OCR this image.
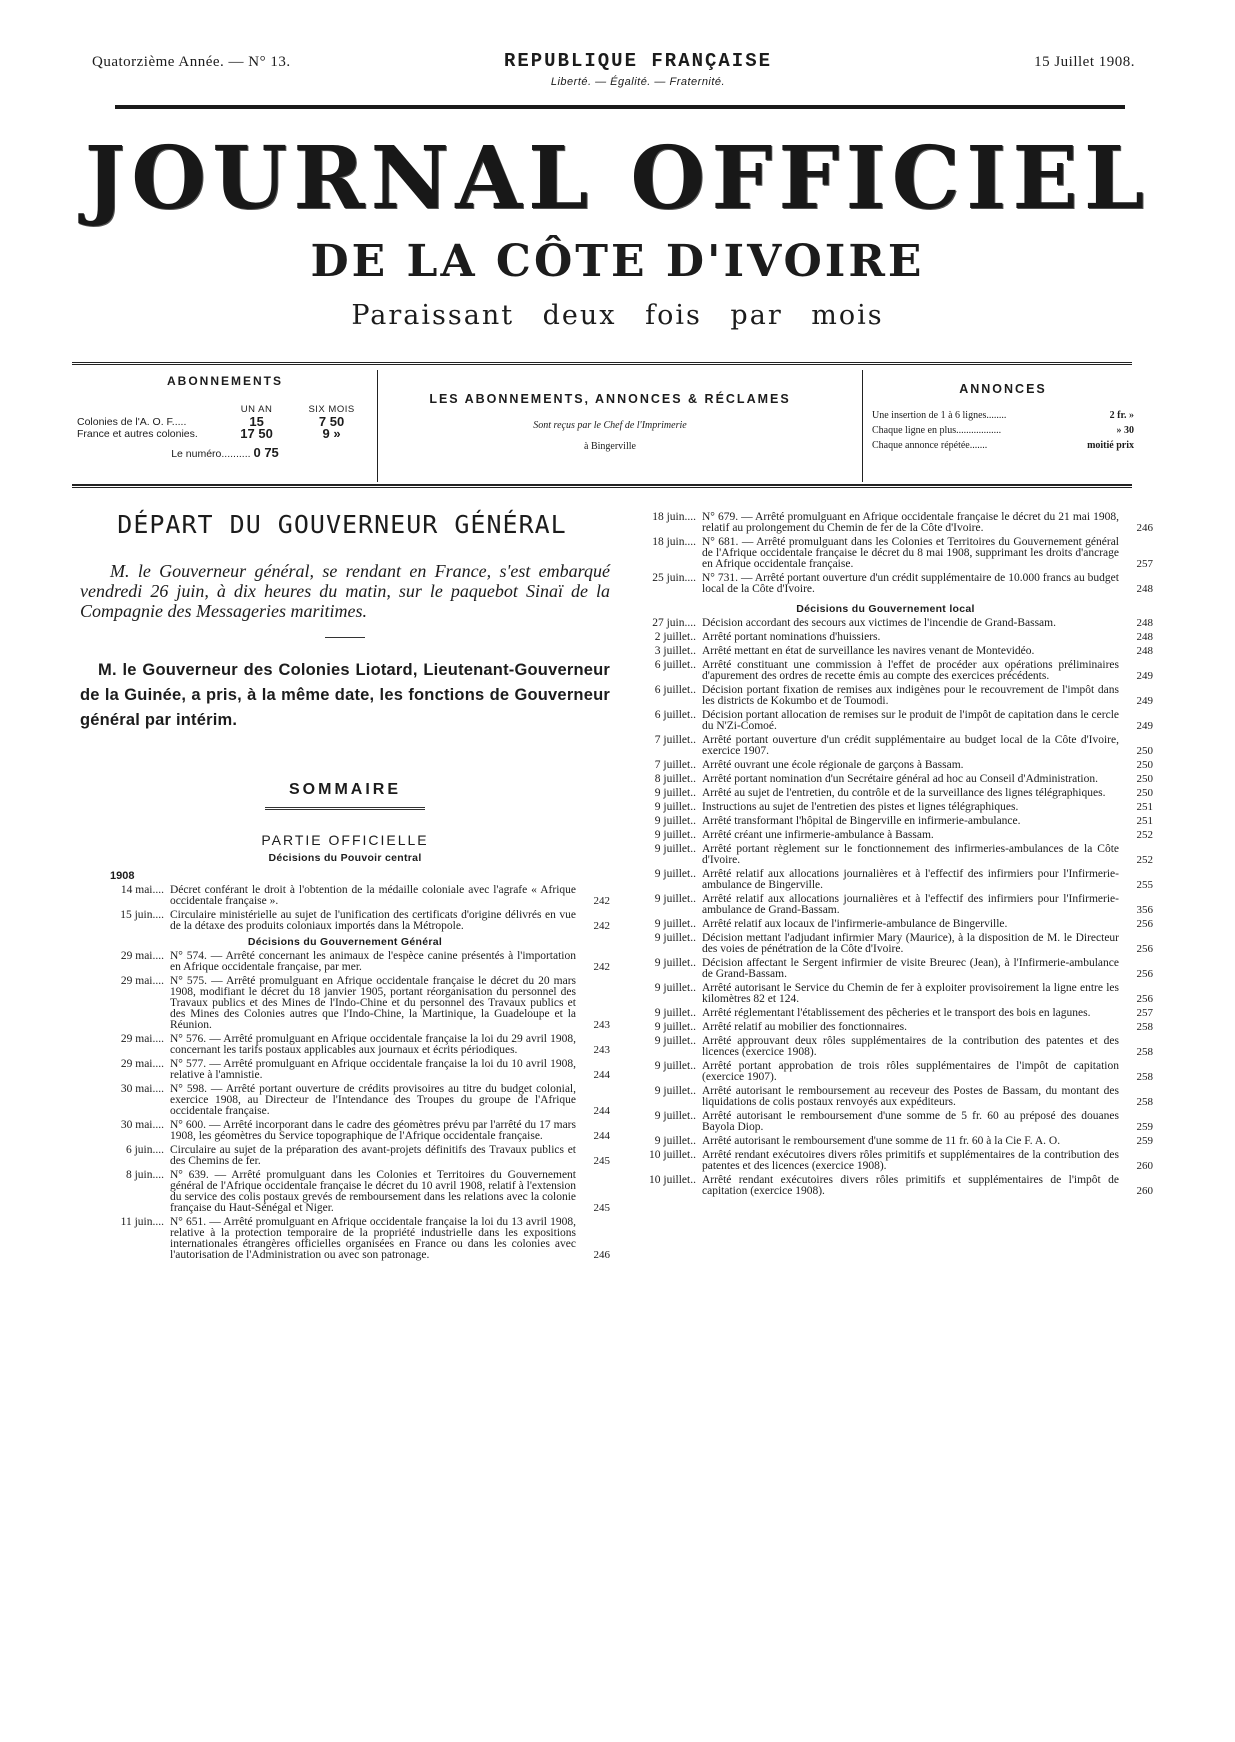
Quatorzième Année. — N° 13.	REPUBLIQUE FRANÇAISE
Liberté. — Égalité. — Fraternité.
15 Juillet 1908.
JOURNAL OFFICIEL
DE LA CÔTE D'IVOIRE
Paraissant deux fois par mois
ABONNEMENTS
	UN AN	SIX MOIS
Colonies de l'A. O. F.....	15	7 50
France et autres colonies.	17 50	9 »
Le numéro.......... 0 75
LES ABONNEMENTS, ANNONCES & RÉCLAMES
Sont reçus par le Chef de l'Imprimerie
à Bingerville
ANNONCES
Une insertion de 1 à 6 lignes........	2 fr. »
Chaque ligne en plus..................	» 30
Chaque annonce répétée.......	moitié prix
DÉPART DU GOUVERNEUR GÉNÉRAL
M. le Gouverneur général, se rendant en France, s'est embarqué vendredi 26 juin, à dix heures du matin, sur le paquebot Sinaï de la Compagnie des Messageries maritimes.
M. le Gouverneur des Colonies Liotard, Lieutenant-Gouverneur de la Guinée, a pris, à la même date, les fonctions de Gouverneur général par intérim.
SOMMAIRE
PARTIE OFFICIELLE
Décisions du Pouvoir central
1908
14 mai.... Décret conférant le droit à l'obtention de la médaille coloniale avec l'agrafe « Afrique occidentale française ».	242
15 juin.... Circulaire ministérielle au sujet de l'unification des certificats d'origine délivrés en vue de la détaxe des produits coloniaux importés dans la Métropole.	242
Décisions du Gouvernement Général
29 mai.... N° 574. — Arrêté concernant les animaux de l'espèce canine présentés à l'importation en Afrique occidentale française, par mer.	242
29 mai.... N° 575. — Arrêté promulguant en Afrique occidentale française le décret du 20 mars 1908, modifiant le décret du 18 janvier 1905, portant réorganisation du personnel des Travaux publics et des Mines de l'Indo-Chine et du personnel des Travaux publics et des Mines des Colonies autres que l'Indo-Chine, la Martinique, la Guadeloupe et la Réunion.	243
29 mai.... N° 576. — Arrêté promulguant en Afrique occidentale française la loi du 29 avril 1908, concernant les tarifs postaux applicables aux journaux et écrits périodiques.	243
29 mai.... N° 577. — Arrêté promulguant en Afrique occidentale française la loi du 10 avril 1908, relative à l'amnistie.	244
30 mai.... N° 598. — Arrêté portant ouverture de crédits provisoires au titre du budget colonial, exercice 1908, au Directeur de l'Intendance des Troupes du groupe de l'Afrique occidentale française.	244
30 mai.... N° 600. — Arrêté incorporant dans le cadre des géomètres prévu par l'arrêté du 17 mars 1908, les géomètres du Service topographique de l'Afrique occidentale française.	244
6 juin.... Circulaire au sujet de la préparation des avant-projets définitifs des Travaux publics et des Chemins de fer.	245
8 juin.... N° 639. — Arrêté promulguant dans les Colonies et Territoires du Gouvernement général de l'Afrique occidentale française le décret du 10 avril 1908, relatif à l'extension du service des colis postaux grevés de remboursement dans les relations avec la colonie française du Haut-Sénégal et Niger.	245
11 juin.... N° 651. — Arrêté promulguant en Afrique occidentale française la loi du 13 avril 1908, relative à la protection temporaire de la propriété industrielle dans les expositions internationales étrangères officielles organisées en France ou dans les colonies avec l'autorisation de l'Administration ou avec son patronage.	246
18 juin.... N° 679. — Arrêté promulguant en Afrique occidentale française le décret du 21 mai 1908, relatif au prolongement du Chemin de fer de la Côte d'Ivoire.	246
18 juin.... N° 681. — Arrêté promulguant dans les Colonies et Territoires du Gouvernement général de l'Afrique occidentale française le décret du 8 mai 1908, supprimant les droits d'ancrage en Afrique occidentale française.	257
25 juin.... N° 731. — Arrêté portant ouverture d'un crédit supplémentaire de 10.000 francs au budget local de la Côte d'Ivoire.	248
Décisions du Gouvernement local
27 juin.... Décision accordant des secours aux victimes de l'incendie de Grand-Bassam.	248
2 juillet.. Arrêté portant nominations d'huissiers.	248
3 juillet.. Arrêté mettant en état de surveillance les navires venant de Montevidéo.	248
6 juillet.. Arrêté constituant une commission à l'effet de procéder aux opérations préliminaires d'apurement des ordres de recette émis au compte des exercices précédents.	249
6 juillet.. Décision portant fixation de remises aux indigènes pour le recouvrement de l'impôt dans les districts de Kokumbo et de Toumodi.	249
6 juillet.. Décision portant allocation de remises sur le produit de l'impôt de capitation dans le cercle du N'Zi-Comoé.	249
7 juillet.. Arrêté portant ouverture d'un crédit supplémentaire au budget local de la Côte d'Ivoire, exercice 1907.	250
7 juillet.. Arrêté ouvrant une école régionale de garçons à Bassam.	250
8 juillet.. Arrêté portant nomination d'un Secrétaire général ad hoc au Conseil d'Administration.	250
9 juillet.. Arrêté au sujet de l'entretien, du contrôle et de la surveillance des lignes télégraphiques.	250
9 juillet.. Instructions au sujet de l'entretien des pistes et lignes télégraphiques.	251
9 juillet.. Arrêté transformant l'hôpital de Bingerville en infirmerie-ambulance.	251
9 juillet.. Arrêté créant une infirmerie-ambulance à Bassam.	252
9 juillet.. Arrêté portant règlement sur le fonctionnement des infirmeries-ambulances de la Côte d'Ivoire.	252
9 juillet.. Arrêté relatif aux allocations journalières et à l'effectif des infirmiers pour l'Infirmerie-ambulance de Bingerville.	255
9 juillet.. Arrêté relatif aux allocations journalières et à l'effectif des infirmiers pour l'Infirmerie-ambulance de Grand-Bassam.	356
9 juillet.. Arrêté relatif aux locaux de l'infirmerie-ambulance de Bingerville.	256
9 juillet.. Décision mettant l'adjudant infirmier Mary (Maurice), à la disposition de M. le Directeur des voies de pénétration de la Côte d'Ivoire.	256
9 juillet.. Décision affectant le Sergent infirmier de visite Breurec (Jean), à l'Infirmerie-ambulance de Grand-Bassam.	256
9 juillet.. Arrêté autorisant le Service du Chemin de fer à exploiter provisoirement la ligne entre les kilomètres 82 et 124.	256
9 juillet.. Arrêté réglementant l'établissement des pêcheries et le transport des bois en lagunes.	257
9 juillet.. Arrêté relatif au mobilier des fonctionnaires.	258
9 juillet.. Arrêté approuvant deux rôles supplémentaires de la contribution des patentes et des licences (exercice 1908).	258
9 juillet.. Arrêté portant approbation de trois rôles supplémentaires de l'impôt de capitation (exercice 1907).	258
9 juillet.. Arrêté autorisant le remboursement au receveur des Postes de Bassam, du montant des liquidations de colis postaux renvoyés aux expéditeurs.	258
9 juillet.. Arrêté autorisant le remboursement d'une somme de 5 fr. 60 au préposé des douanes Bayola Diop.	259
9 juillet.. Arrêté autorisant le remboursement d'une somme de 11 fr. 60 à la Cie F. A. O.	259
10 juillet.. Arrêté rendant exécutoires divers rôles primitifs et supplémentaires de la contribution des patentes et des licences (exercice 1908).	260
10 juillet.. Arrêté rendant exécutoires divers rôles primitifs et supplémentaires de l'impôt de capitation (exercice 1908).	260
